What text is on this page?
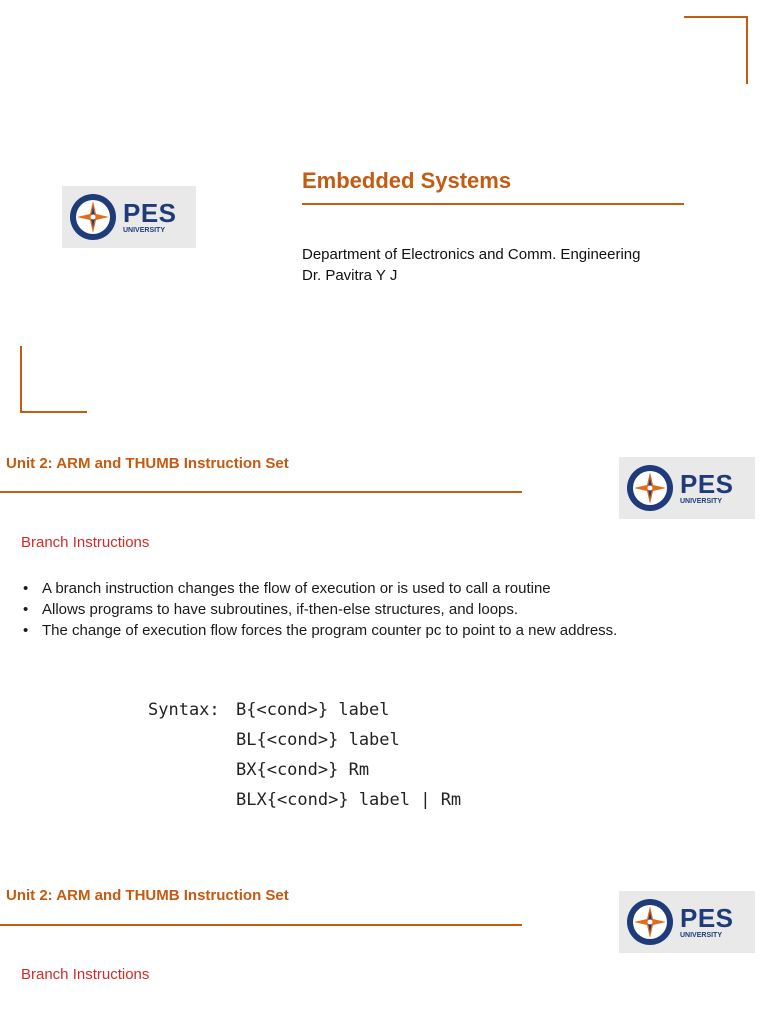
PES
UNIVERSITY
Embedded Systems
Department of Electronics and Comm. Engineering
Dr. Pavitra Y J
Unit 2: ARM and THUMB Instruction Set
PES
UNIVERSITY
Branch Instructions
• A branch instruction changes the flow of execution or is used to call a routine
• Allows programs to have subroutines, if-then-else structures, and loops.
• The change of execution flow forces the program counter pc to point to a new address.
Syntax: B{<cond>} label
BL{<cond>} label
BX{<cond>} Rm
BLX{<cond>} label | Rm
Unit 2: ARM and THUMB Instruction Set
PES
UNIVERSITY
Branch Instructions
